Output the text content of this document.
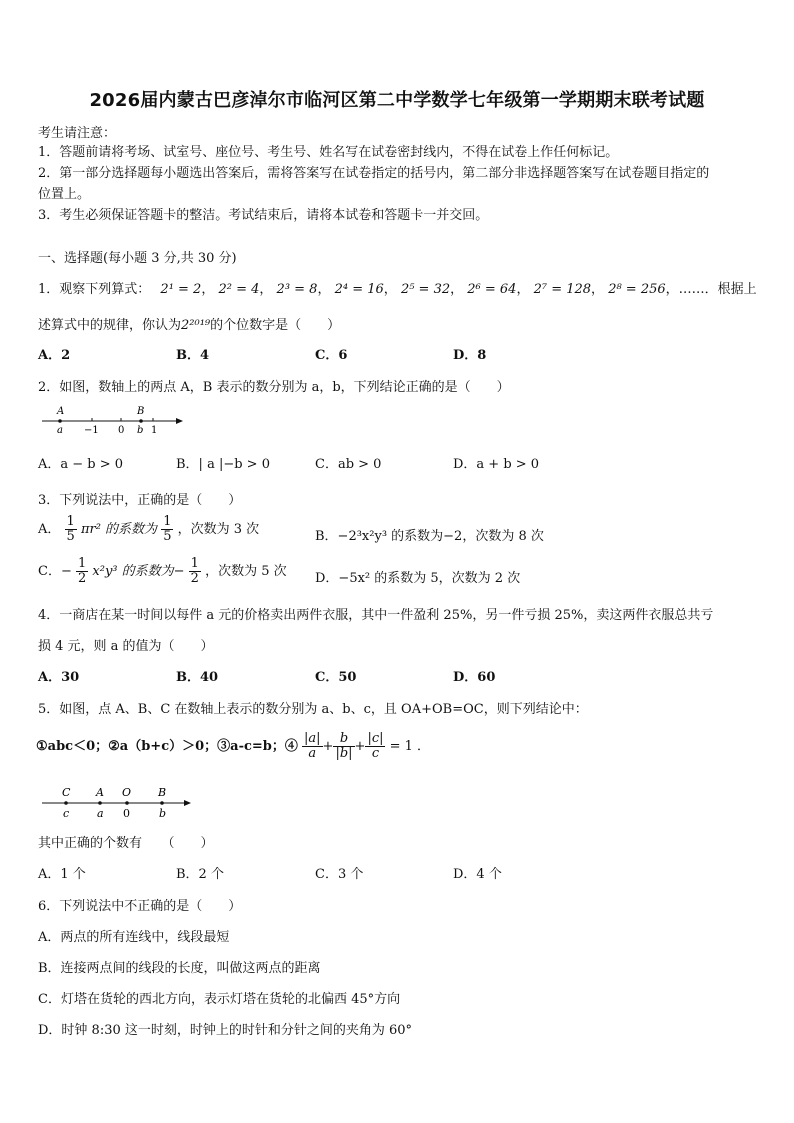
2026届内蒙古巴彦淖尔市临河区第二中学数学七年级第一学期期末联考试题
考生请注意：
1．答题前请将考场、试室号、座位号、考生号、姓名写在试卷密封线内，不得在试卷上作任何标记。
2．第一部分选择题每小题选出答案后，需将答案写在试卷指定的括号内，第二部分非选择题答案写在试卷题目指定的
位置上。
3．考生必须保证答题卡的整洁。考试结束后，请将本试卷和答题卡一并交回。
一、选择题(每小题 3 分,共 30 分)
1．观察下列算式： 2¹ = 2， 2² = 4， 2³ = 8， 2⁴ = 16， 2⁵ = 32， 2⁶ = 64， 2⁷ = 128， 2⁸ = 256，……．根据上
述算式中的规律，你认为2²⁰¹⁹的个位数字是（　　）
A．2	B．4	C．6	D．8
2．如图，数轴上的两点 A，B 表示的数分别为 a，b，下列结论正确的是（　　）
A	B
a −1 0 b 1
A．a − b > 0	B．| a |−b > 0	C．ab > 0	D．a + b > 0
3．下列说法中，正确的是（　　）
A． $\frac{1}{5} \pi r^2$ 的系数为 $\frac{1}{5}$ ，次数为 3 次	B．−2³x²y³ 的系数为−2，次数为 8 次
C．− $\frac{1}{2} x^2y^3$ 的系数为− $\frac{1}{2}$ ，次数为 5 次 D．−5x² 的系数为 5，次数为 2 次
4．一商店在某一时间以每件 a 元的价格卖出两件衣服，其中一件盈利 25%，另一件亏损 25%，卖这两件衣服总共亏
损 4 元，则 a 的值为（　　）
A．30	B．40	C．50	D．60
5．如图，点 A、B、C 在数轴上表示的数分别为 a、b、c，且 OA+OB=OC，则下列结论中：
①abc＜0；②a（b+c）＞0；③a-c=b；④ $\frac{|a|}{a} + \frac{b}{|b|} + \frac{|c|}{c} = 1$ ．
C A O B
c	a 0	b
其中正确的个数有　　（　　）
A．1 个	B．2 个	C．3 个	D．4 个
6．下列说法中不正确的是（　　）
A．两点的所有连线中，线段最短
B．连接两点间的线段的长度，叫做这两点的距离
C．灯塔在货轮的西北方向，表示灯塔在货轮的北偏西 45°方向
D．时钟 8:30 这一时刻，时钟上的时针和分针之间的夹角为 60°
